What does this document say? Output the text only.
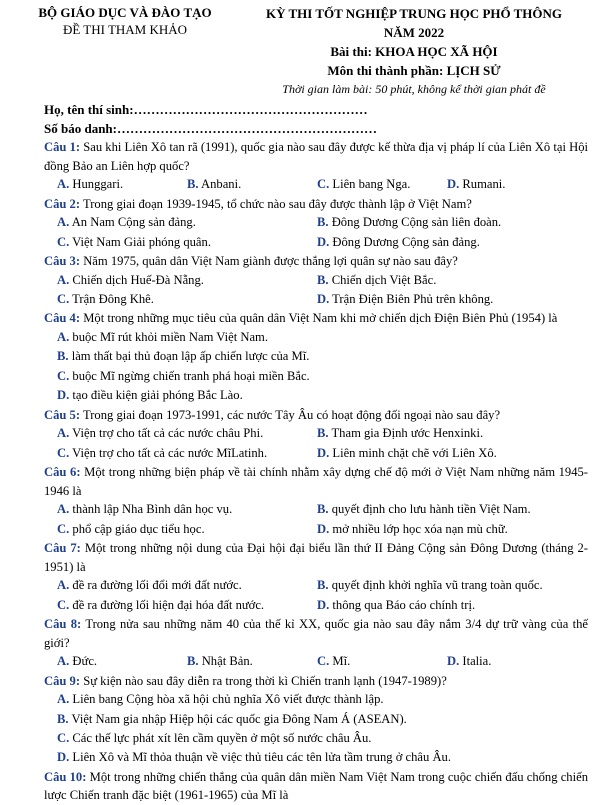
BỘ GIÁO DỤC VÀ ĐÀO TẠO
ĐỀ THI THAM KHẢO
KỲ THI TỐT NGHIỆP TRUNG HỌC PHỔ THÔNG
NĂM 2022
Bài thi: KHOA HỌC XÃ HỘI
Môn thi thành phần: LỊCH SỬ
Thời gian làm bài: 50 phút, không kể thời gian phát đề
Họ, tên thí sinh:………………………………………………
Số báo danh:……………………………………………………
Câu 1: Sau khi Liên Xô tan rã (1991), quốc gia nào sau đây được kế thừa địa vị pháp lí của Liên Xô tại Hội đồng Bảo an Liên hợp quốc?
A. Hunggari.	B. Anbani.	C. Liên bang Nga.	D. Rumani.
Câu 2: Trong giai đoạn 1939-1945, tổ chức nào sau đây được thành lập ở Việt Nam?
A. An Nam Cộng sản đảng.	B. Đông Dương Cộng sản liên đoàn.
C. Việt Nam Giải phóng quân.	D. Đông Dương Cộng sản đảng.
Câu 3: Năm 1975, quân dân Việt Nam giành được thắng lợi quân sự nào sau đây?
A. Chiến dịch Huế-Đà Nẵng.	B. Chiến dịch Việt Bắc.
C. Trận Đông Khê.	D. Trận Điện Biên Phủ trên không.
Câu 4: Một trong những mục tiêu của quân dân Việt Nam khi mở chiến dịch Điện Biên Phủ (1954) là
A. buộc Mĩ rút khỏi miền Nam Việt Nam.
B. làm thất bại thủ đoạn lập ấp chiến lược của Mĩ.
C. buộc Mĩ ngừng chiến tranh phá hoại miền Bắc.
D. tạo điều kiện giải phóng Bắc Lào.
Câu 5: Trong giai đoạn 1973-1991, các nước Tây Âu có hoạt động đối ngoại nào sau đây?
A. Viện trợ cho tất cả các nước châu Phi.	B. Tham gia Định ước Henxinki.
C. Viện trợ cho tất cả các nước MĩLatinh.	D. Liên minh chặt chẽ với Liên Xô.
Câu 6: Một trong những biện pháp về tài chính nhằm xây dựng chế độ mới ở Việt Nam những năm 1945-1946 là
A. thành lập Nha Bình dân học vụ.	B. quyết định cho lưu hành tiền Việt Nam.
C. phổ cập giáo dục tiểu học.	D. mở nhiều lớp học xóa nạn mù chữ.
Câu 7: Một trong những nội dung của Đại hội đại biểu lần thứ II Đảng Cộng sản Đông Dương (tháng 2-1951) là
A. đề ra đường lối đổi mới đất nước.	B. quyết định khởi nghĩa vũ trang toàn quốc.
C. đề ra đường lối hiện đại hóa đất nước.	D. thông qua Báo cáo chính trị.
Câu 8: Trong nửa sau những năm 40 của thế kỉ XX, quốc gia nào sau đây nắm 3/4 dự trữ vàng của thế giới?
A. Đức.	B. Nhật Bản.	C. Mĩ.	D. Italia.
Câu 9: Sự kiện nào sau đây diễn ra trong thời kì Chiến tranh lạnh (1947-1989)?
A. Liên bang Cộng hòa xã hội chủ nghĩa Xô viết được thành lập.
B. Việt Nam gia nhập Hiệp hội các quốc gia Đông Nam Á (ASEAN).
C. Các thế lực phát xít lên cầm quyền ở một số nước châu Âu.
D. Liên Xô và Mĩ thỏa thuận về việc thủ tiêu các tên lửa tầm trung ở châu Âu.
Câu 10: Một trong những chiến thắng của quân dân miền Nam Việt Nam trong cuộc chiến đấu chống chiến lược Chiến tranh đặc biệt (1961-1965) của Mĩ là
